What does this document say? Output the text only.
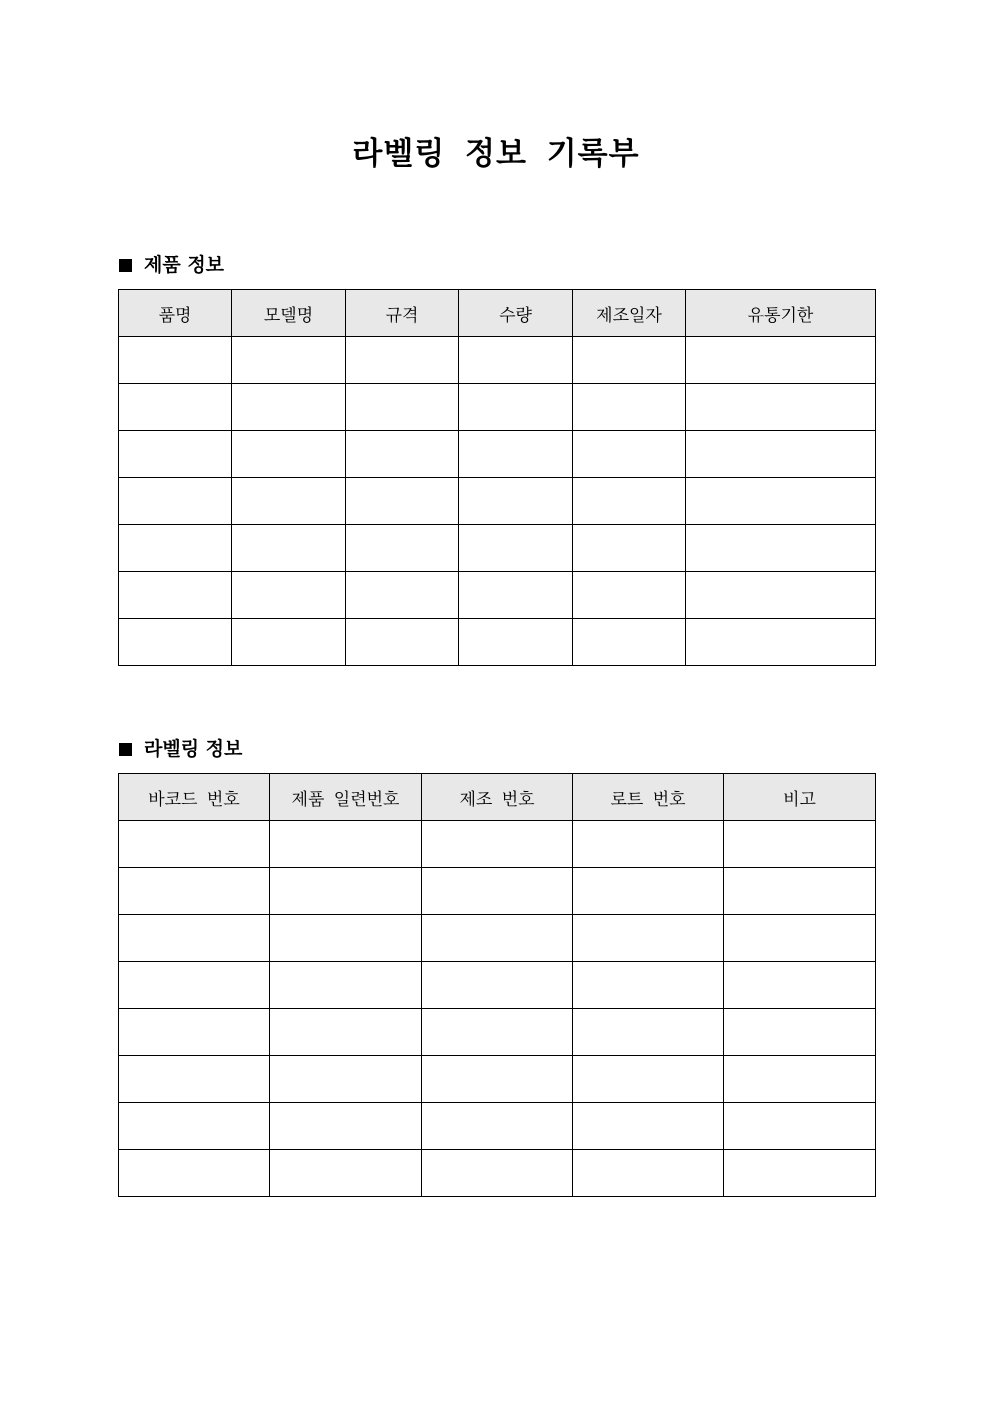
라벨링 정보 기록부
제품 정보
품명	모델명	규격	수량	제조일자	유통기한

라벨링 정보
바코드 번호	제품 일련번호	제조 번호	로트 번호	비고
